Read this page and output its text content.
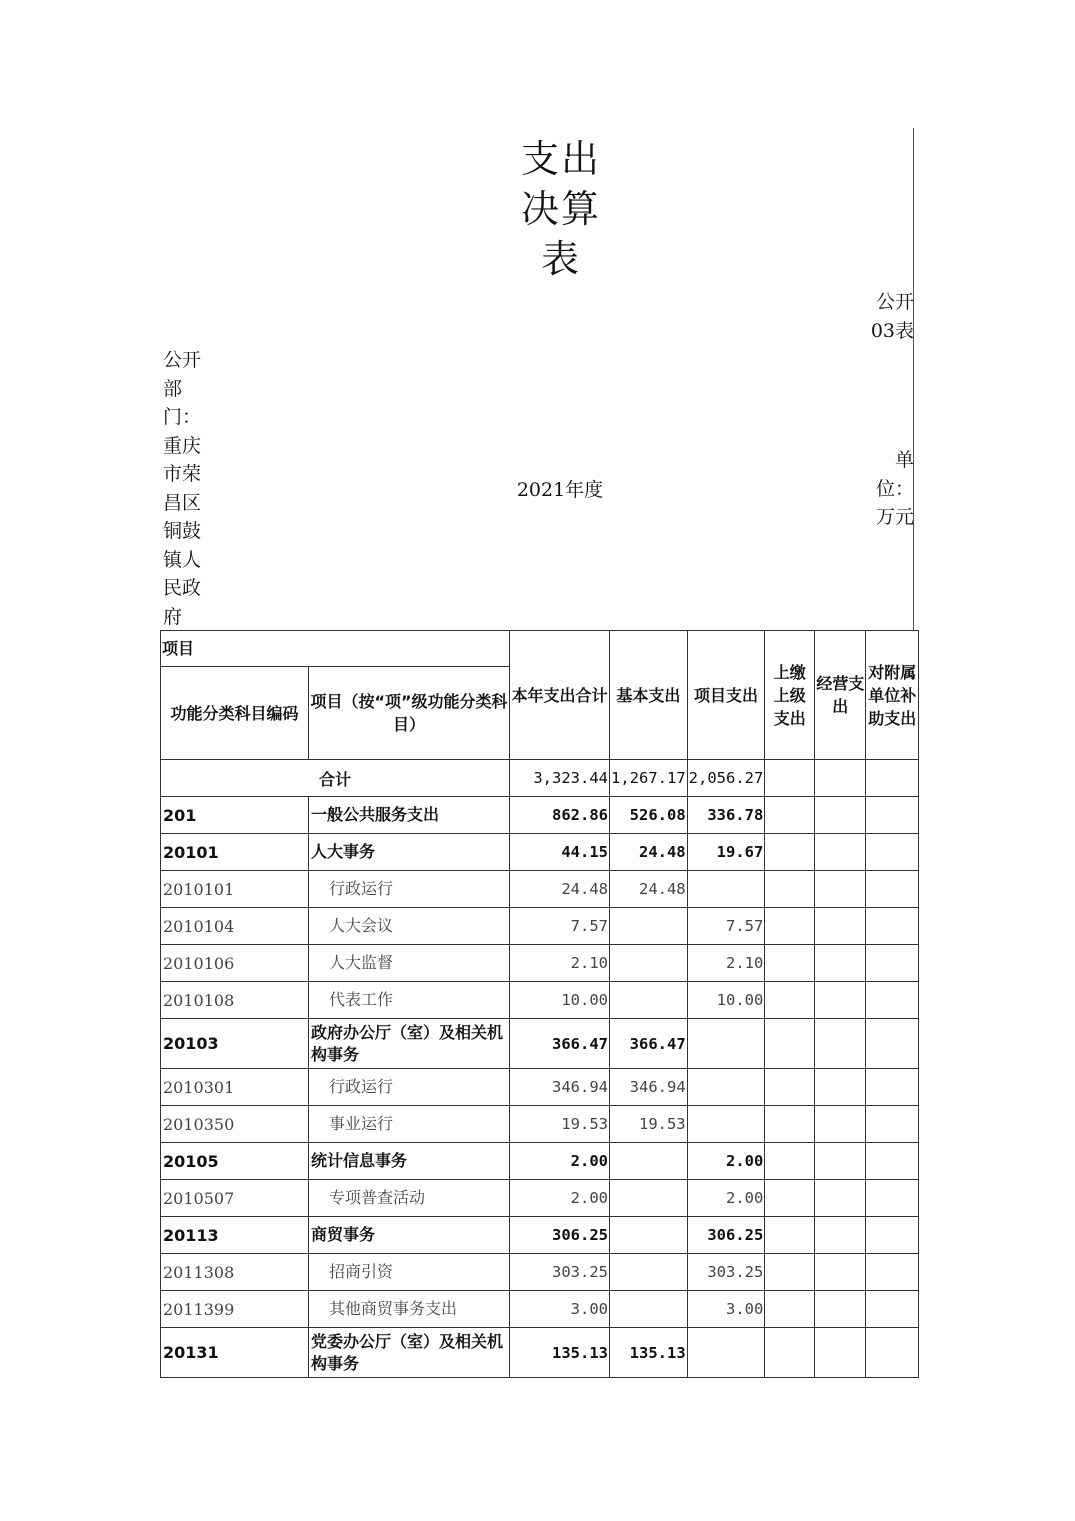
支出决算表
公开03表
公开部门：重庆市荣昌区铜鼓镇人民政府
2021年度
单位：万元
项目		本年支出合计	基本支出	项目支出	上缴上级支出	经营支出	对附属单位补助支出
功能分类科目编码	项目（按“项”级功能分类科目）						
合计		3,323.44	1,267.17	2,056.27			
201	一般公共服务支出	862.86	526.08	336.78			
20101	人大事务	44.15	24.48	19.67			
2010101	行政运行	24.48	24.48				
2010104	人大会议	7.57		7.57			
2010106	人大监督	2.10		2.10			
2010108	代表工作	10.00		10.00			
20103	政府办公厅（室）及相关机构事务	366.47	366.47				
2010301	行政运行	346.94	346.94				
2010350	事业运行	19.53	19.53				
20105	统计信息事务	2.00		2.00			
2010507	专项普查活动	2.00		2.00			
20113	商贸事务	306.25		306.25			
2011308	招商引资	303.25		303.25			
2011399	其他商贸事务支出	3.00		3.00			
20131	党委办公厅（室）及相关机构事务	135.13	135.13				
